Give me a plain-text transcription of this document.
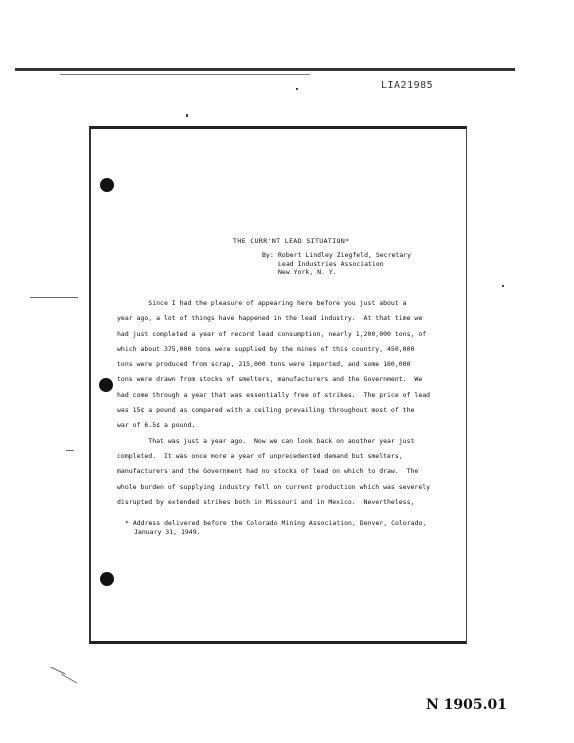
LIA21985
THE CURR'NT LEAD SITUATION*
By: Robert Lindley Ziegfeld, Secretary
Lead Industries Association
New York, N. Y.
Since I had the pleasure of appearing here before you just about a
year ago, a lot of things have happened in the lead industry.  At that time we
had just completed a year of record lead consumption, nearly 1,200,000 tons, of
which about 375,000 tons were supplied by the mines of this country, 450,000
tons were produced from scrap, 215,000 tons were imported, and some 160,000
tons were drawn from stocks of smelters, manufacturers and the Government.  We
had come through a year that was essentially free of strikes.  The price of lead
was 15¢ a pound as compared with a ceiling prevailing throughout most of the
war of 6.5¢ a pound.
That was just a year ago.  Now we can look back on another year just
completed.  It was once more a year of unprecedented demand but smelters,
manufacturers and the Government had no stocks of lead on which to draw.  The
whole burden of supplying industry fell on current production which was severely
disrupted by extended strikes both in Missouri and in Mexico.  Nevertheless,
* Address delivered before the Colorado Mining Association, Denver, Colorado,
January 31, 1949.
N 1905.01
